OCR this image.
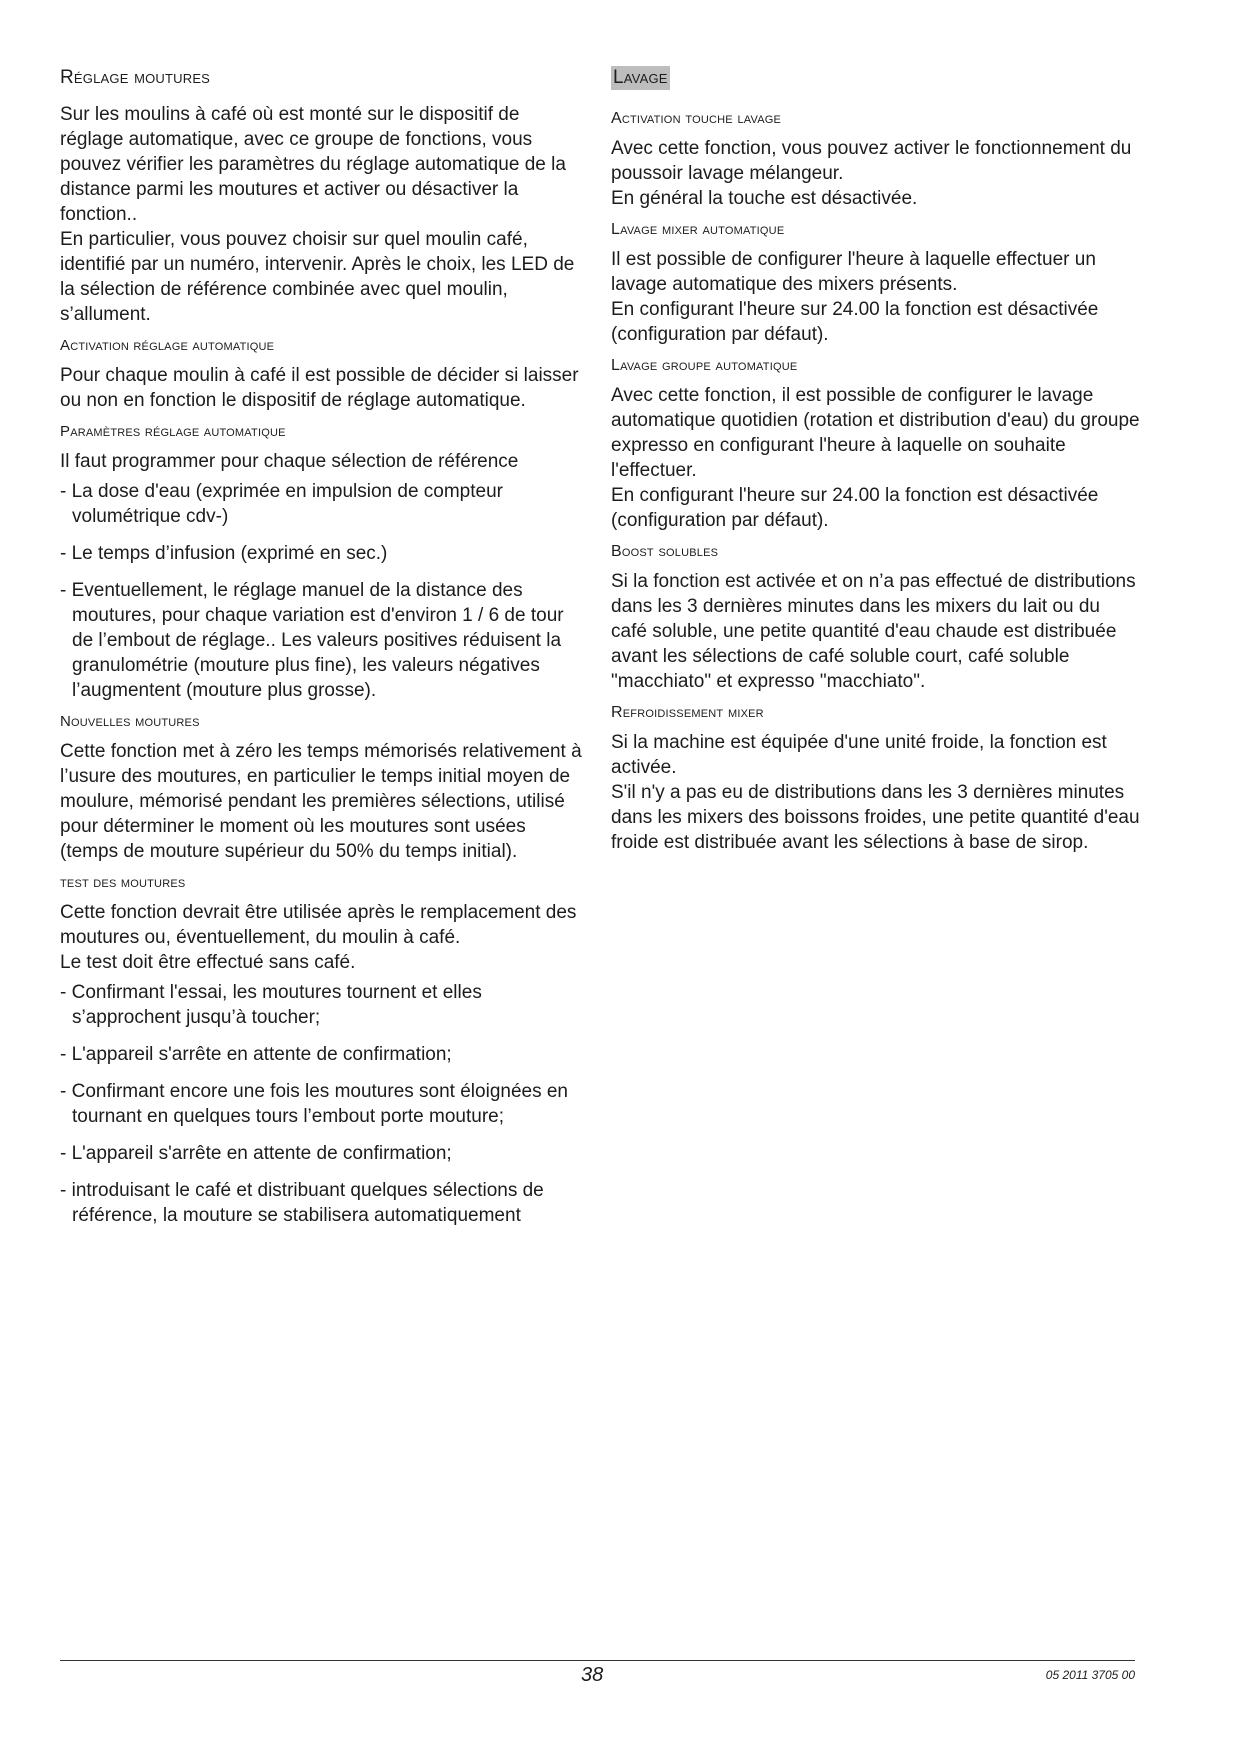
Réglage moutures

Sur les moulins à café où est monté sur le dispositif de réglage automatique, avec ce groupe de fonctions, vous pouvez vérifier les paramètres du réglage automatique de la distance parmi les moutures et activer ou désactiver la fonction..

En particulier, vous pouvez choisir sur quel moulin café, identifié par un numéro, intervenir. Après le choix, les LED de la sélection de référence combinée avec quel moulin, s’allument.

Activation réglage automatique

Pour chaque moulin à café il est possible de décider si laisser ou non en fonction le dispositif de réglage automatique.

Paramètres réglage automatique

Il faut programmer pour chaque sélection de référence

- La dose d'eau (exprimée en impulsion de compteur volumétrique cdv-)
- Le temps d’infusion (exprimé en sec.)
- Eventuellement, le réglage manuel de la distance des moutures, pour chaque variation est d'environ 1 / 6 de tour de l’embout de réglage.. Les valeurs positives réduisent la granulométrie (mouture plus fine), les valeurs négatives l’augmentent (mouture plus grosse).
Nouvelles moutures

Cette fonction met à zéro les temps mémorisés relativement à l’usure des moutures, en particulier le temps initial moyen de moulure, mémorisé pendant les premières sélections, utilisé pour déterminer le moment où les moutures sont usées (temps de mouture supérieur du 50% du temps initial).

test des moutures

Cette fonction devrait être utilisée après le remplacement des moutures ou, éventuellement, du moulin à café.

Le test doit être effectué sans café.

- Confirmant l'essai, les moutures tournent et elles s’approchent jusqu’à toucher;
- L'appareil s'arrête en attente de confirmation;
- Confirmant encore une fois les moutures sont éloignées en tournant en quelques tours l’embout porte mouture;
- L'appareil s'arrête en attente de confirmation;
- introduisant le café et distribuant quelques sélections de référence, la mouture se stabilisera automatiquement
Lavage
Activation touche lavage

Avec cette fonction, vous pouvez activer le fonctionnement du poussoir lavage mélangeur.

En général la touche est désactivée.

Lavage mixer automatique

Il est possible de configurer l'heure à laquelle effectuer un lavage automatique des mixers présents.

En configurant l'heure sur 24.00 la fonction est désactivée (configuration par défaut).

Lavage groupe automatique

Avec cette fonction, il est possible de configurer le lavage automatique quotidien (rotation et distribution d'eau) du groupe expresso en configurant l'heure à laquelle on souhaite l'effectuer.

En configurant l'heure sur 24.00 la fonction est désactivée (configuration par défaut).

Boost solubles

Si la fonction est activée et on n’a pas effectué de distributions dans les 3 dernières minutes dans les mixers du lait ou du café soluble, une petite quantité d'eau chaude est distribuée avant les sélections de café soluble court, café soluble "macchiato" et expresso "macchiato".

Refroidissement mixer

Si la machine est équipée d'une unité froide, la fonction est activée.

S'il n'y a pas eu de distributions dans les 3 dernières minutes dans les mixers des boissons froides, une petite quantité d'eau froide est distribuée avant les sélections à base de sirop.

38	05 2011 3705 00
